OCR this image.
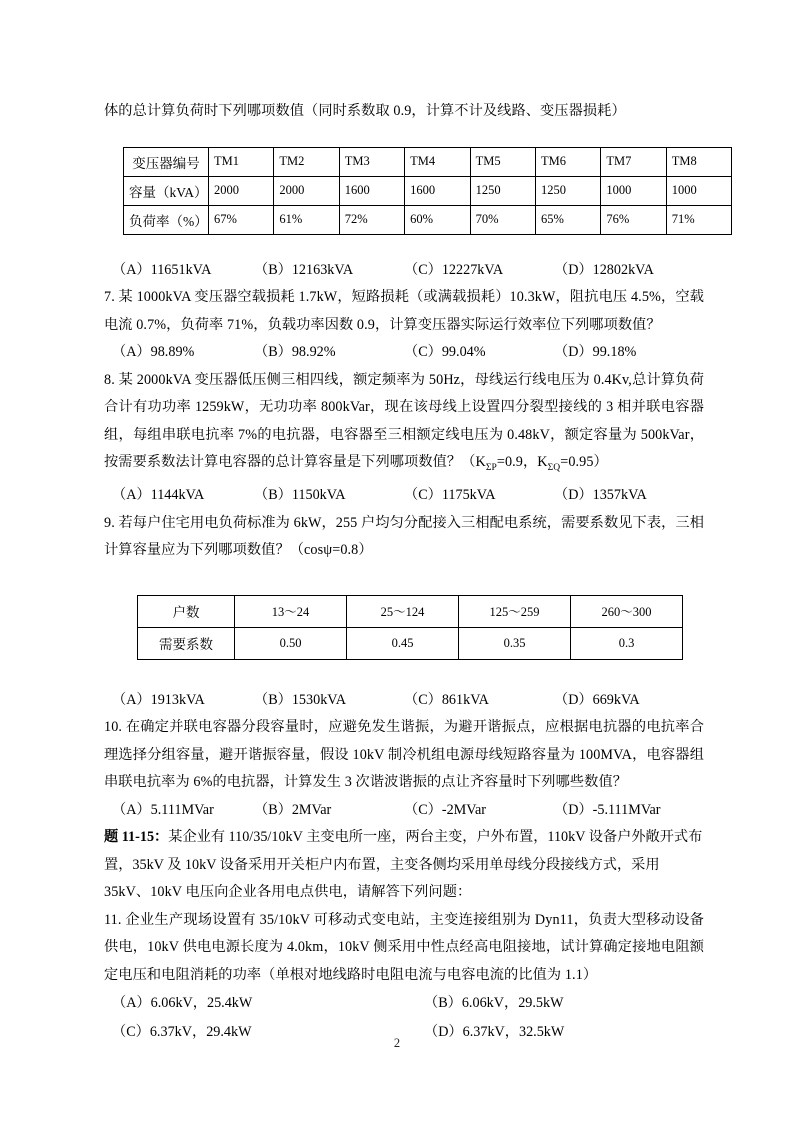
体的总计算负荷时下列哪项数值（同时系数取 0.9，计算不计及线路、变压器损耗）

变压器编号	TM1	TM2	TM3	TM4	TM5	TM6	TM7	TM8
容量（kVA）	2000	2000	1600	1600	1250	1250	1000	1000
负荷率（%）	67%	61%	72%	60%	70%	65%	76%	71%
（A）11651kVA	（B）12163kVA	（C）12227kVA	（D）12802kVA

7. 某 1000kVA 变压器空载损耗 1.7kW，短路损耗（或满载损耗）10.3kW，阻抗电压 4.5%，空载电流 0.7%，负荷率 71%，负载功率因数 0.9，计算变压器实际运行效率位下列哪项数值？

（A）98.89%	（B）98.92%	（C）99.04%	（D）99.18%

8. 某 2000kVA 变压器低压侧三相四线，额定频率为 50Hz，母线运行线电压为 0.4Kv,总计算负荷合计有功功率 1259kW，无功功率 800kVar，现在该母线上设置四分裂型接线的 3 相并联电容器组，每组串联电抗率 7%的电抗器，电容器至三相额定线电压为 0.48kV，额定容量为 500kVar，按需要系数法计算电容器的总计算容量是下列哪项数值？（$K_{\Sigma P}=0.9$，$K_{\Sigma Q}=0.95$）

（A）1144kVA	（B）1150kVA	（C）1175kVA	（D）1357kVA

9. 若每户住宅用电负荷标准为 6kW，255 户均匀分配接入三相配电系统，需要系数见下表，三相计算容量应为下列哪项数值？（cosψ=0.8）

户数	13～24	25～124	125～259	260～300
需要系数	0.50	0.45	0.35	0.3
（A）1913kVA	（B）1530kVA	（C）861kVA	（D）669kVA

10. 在确定并联电容器分段容量时，应避免发生谐振，为避开谐振点，应根据电抗器的电抗率合理选择分组容量，避开谐振容量，假设 10kV 制冷机组电源母线短路容量为 100MVA，电容器组串联电抗率为 6%的电抗器，计算发生 3 次谐波谐振的点让齐容量时下列哪些数值？

（A）5.111MVar	（B）2MVar	（C）-2MVar	（D）-5.111MVar

题 11-15：某企业有 110/35/10kV 主变电所一座，两台主变，户外布置，110kV 设备户外敞开式布置，35kV 及 10kV 设备采用开关柜户内布置，主变各侧均采用单母线分段接线方式，采用

35kV、10kV 电压向企业各用电点供电，请解答下列问题：

11. 企业生产现场设置有 35/10kV 可移动式变电站，主变连接组别为 Dyn11，负责大型移动设备供电，10kV 供电电源长度为 4.0km，10kV 侧采用中性点经高电阻接地，试计算确定接地电阻额定电压和电阻消耗的功率（单根对地线路时电阻电流与电容电流的比值为 1.1）

（A）6.06kV，25.4kW	（B）6.06kV，29.5kW
（C）6.37kV，29.4kW	（D）6.37kV，32.5kW
2
